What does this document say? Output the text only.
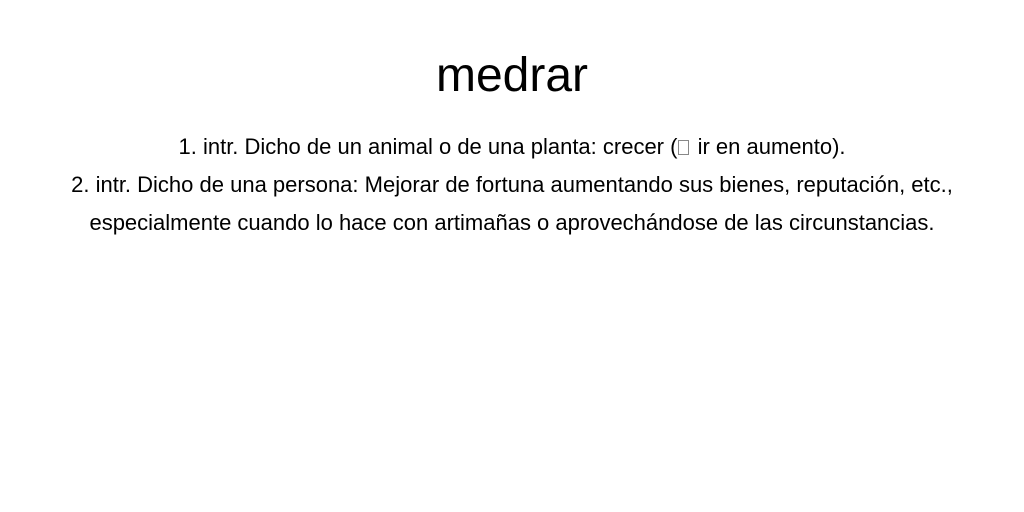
medrar

1. intr. Dicho de un animal o de una planta: crecer ( ir en aumento).

2. intr. Dicho de una persona: Mejorar de fortuna aumentando sus bienes, reputación, etc., especialmente cuando lo hace con artimañas o aprovechándose de las circunstancias.
